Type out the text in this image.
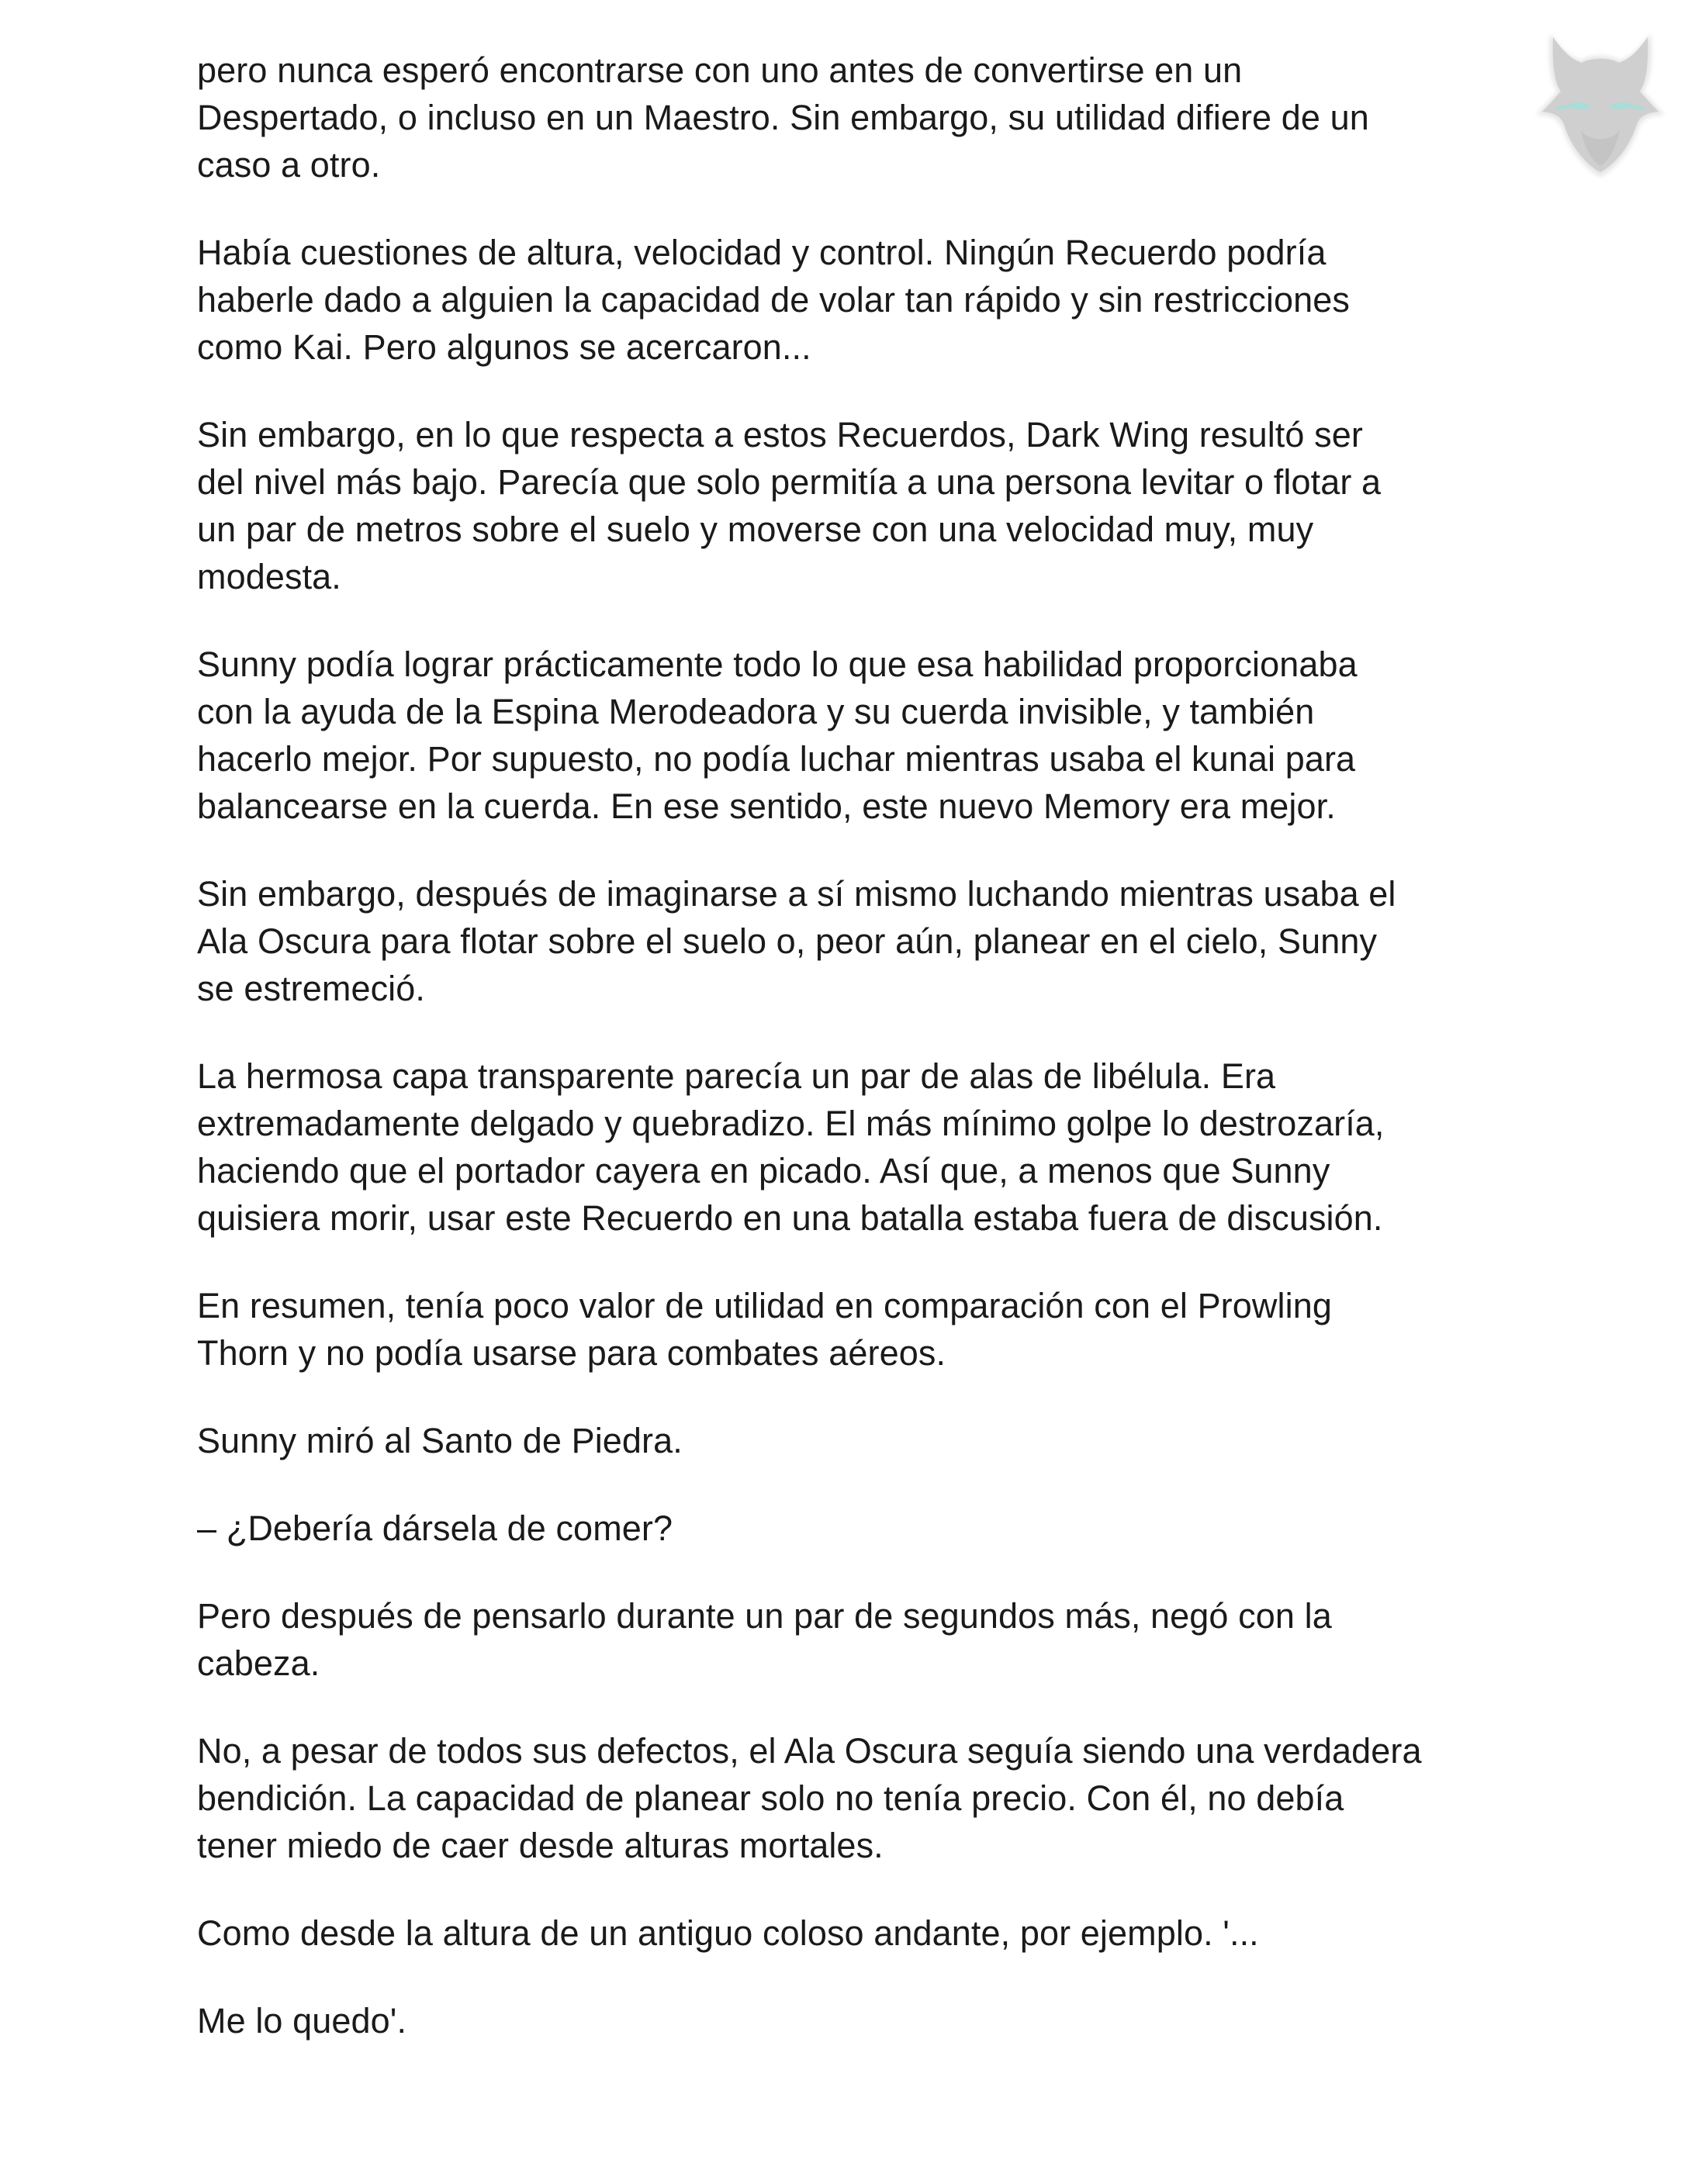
pero nunca esperó encontrarse con uno antes de convertirse en un
Despertado, o incluso en un Maestro. Sin embargo, su utilidad difiere de un
caso a otro.

Había cuestiones de altura, velocidad y control. Ningún Recuerdo podría
haberle dado a alguien la capacidad de volar tan rápido y sin restricciones
como Kai. Pero algunos se acercaron...

Sin embargo, en lo que respecta a estos Recuerdos, Dark Wing resultó ser
del nivel más bajo. Parecía que solo permitía a una persona levitar o flotar a
un par de metros sobre el suelo y moverse con una velocidad muy, muy
modesta.

Sunny podía lograr prácticamente todo lo que esa habilidad proporcionaba
con la ayuda de la Espina Merodeadora y su cuerda invisible, y también
hacerlo mejor. Por supuesto, no podía luchar mientras usaba el kunai para
balancearse en la cuerda. En ese sentido, este nuevo Memory era mejor.

Sin embargo, después de imaginarse a sí mismo luchando mientras usaba el
Ala Oscura para flotar sobre el suelo o, peor aún, planear en el cielo, Sunny
se estremeció.

La hermosa capa transparente parecía un par de alas de libélula. Era
extremadamente delgado y quebradizo. El más mínimo golpe lo destrozaría,
haciendo que el portador cayera en picado. Así que, a menos que Sunny
quisiera morir, usar este Recuerdo en una batalla estaba fuera de discusión.

En resumen, tenía poco valor de utilidad en comparación con el Prowling
Thorn y no podía usarse para combates aéreos.

Sunny miró al Santo de Piedra.

– ¿Debería dársela de comer?

Pero después de pensarlo durante un par de segundos más, negó con la
cabeza.

No, a pesar de todos sus defectos, el Ala Oscura seguía siendo una verdadera
bendición. La capacidad de planear solo no tenía precio. Con él, no debía
tener miedo de caer desde alturas mortales.

Como desde la altura de un antiguo coloso andante, por ejemplo. '...

Me lo quedo'.
